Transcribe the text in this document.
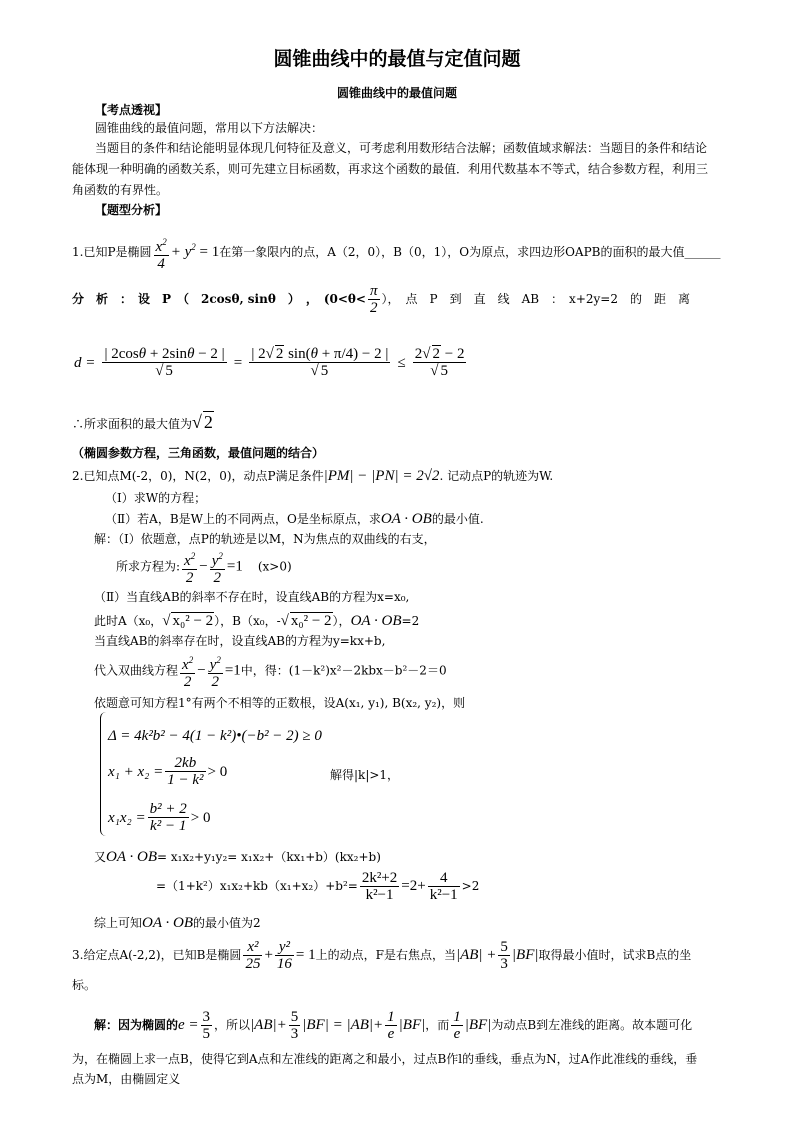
圆锥曲线中的最值与定值问题
圆锥曲线中的最值问题
【考点透视】
圆锥曲线的最值问题，常用以下方法解决：
当题目的条件和结论能明显体现几何特征及意义，可考虑利用数形结合法解；函数值域求解法：当题目的条件和结论
能体现一种明确的函数关系，则可先建立目标函数，再求这个函数的最值．利用代数基本不等式，结合参数方程，利用三
角函数的有界性。
【题型分析】
1.已知P是椭圆 $\frac{x^2}{4} + y^2 = 1$在第一象限内的点，A（2，0），B（0，1），O为原点，求四边形OAPB的面积的最大值______
分　析　：　设　P　（　2cosθ, sinθ　）　，　($0<\theta< \frac{\pi}{2}$ ），　点　P　到　直　线　AB　：　x+2y=2　的　距　离
$d = \frac{| 2\cos\theta + 2\sin\theta - 2 |}{√ 5} = \frac{| 2√ 2 \sin(\theta + \pi/4) - 2 |}{√ 5} \le \frac{2√ 2 - 2}{√ 5}$
∴所求面积的最大值为√ 2
（椭圆参数方程，三角函数，最值问题的结合）
2.已知点M(-2，0)，N(2，0)，动点P满足条件|PM| − |PN| = 2√2. 记动点P的轨迹为W.
（Ⅰ）求W的方程；
（Ⅱ）若A，B是W上的不同两点，O是坐标原点，求OA · OB的最小值.
解：（Ⅰ）依题意，点P的轨迹是以M，N为焦点的双曲线的右支，
所求方程为: $\frac{x^2}{2} - \frac{y^2}{2} =1$　(x>0)
（Ⅱ）当直线AB的斜率不存在时，设直线AB的方程为x=x₀,
此时A（x₀，√ x₀² − 2），B（x₀，-√ x₀² − 2），OA · OB=2
当直线AB的斜率存在时，设直线AB的方程为y=kx+b,
代入双曲线方程 $\frac{x^2}{2} - \frac{y^2}{2} =1$中，得：(1－k²)x²－2kbx－b²－2＝0
依题意可知方程1°有两个不相等的正数根，设A(x₁, y₁), B(x₂, y₂)，则
Δ = 4k²b² − 4(1 − k²)•(−b² − 2) ≥ 0
$x_1 + x_2 = \frac{2kb}{\text{1 − k²}} > 0$	解得|k|>1，
$x_1x_2 = \frac{\text{b² + 2}}{\text{k² − 1}} > 0$
又OA · OB= x₁x₂+y₁y₂= x₁x₂+（kx₁+b）(kx₂+b)
$=(1+k^2)x_1x_2+kb(x_1+x_2)+b^2= \frac{\text{2k²+2}}{\text{k²−1}} =2+ \frac{4}{\text{k²−1}} >2$
综上可知OA · OB的最小值为2
3.给定点A(-2,2)，已知B是椭圆 $\frac{\text{x²}}{25} + \frac{\text{y²}}{16} = 1$上的动点，F是右焦点，当$|AB| + \frac{5}{3} |BF|$取得最小值时，试求B点的坐
标。
解：因为椭圆的$e = \frac{3}{5}$ ，所以$|AB|+ \frac{5}{3} |BF| = |AB|+ \frac{1}{e} |BF|$，而 $\frac{1}{e} |BF|$为动点B到左准线的距离。故本题可化
为，在椭圆上求一点B，使得它到A点和左准线的距离之和最小，过点B作l的垂线，垂点为N，过A作此准线的垂线，垂
点为M，由椭圆定义
